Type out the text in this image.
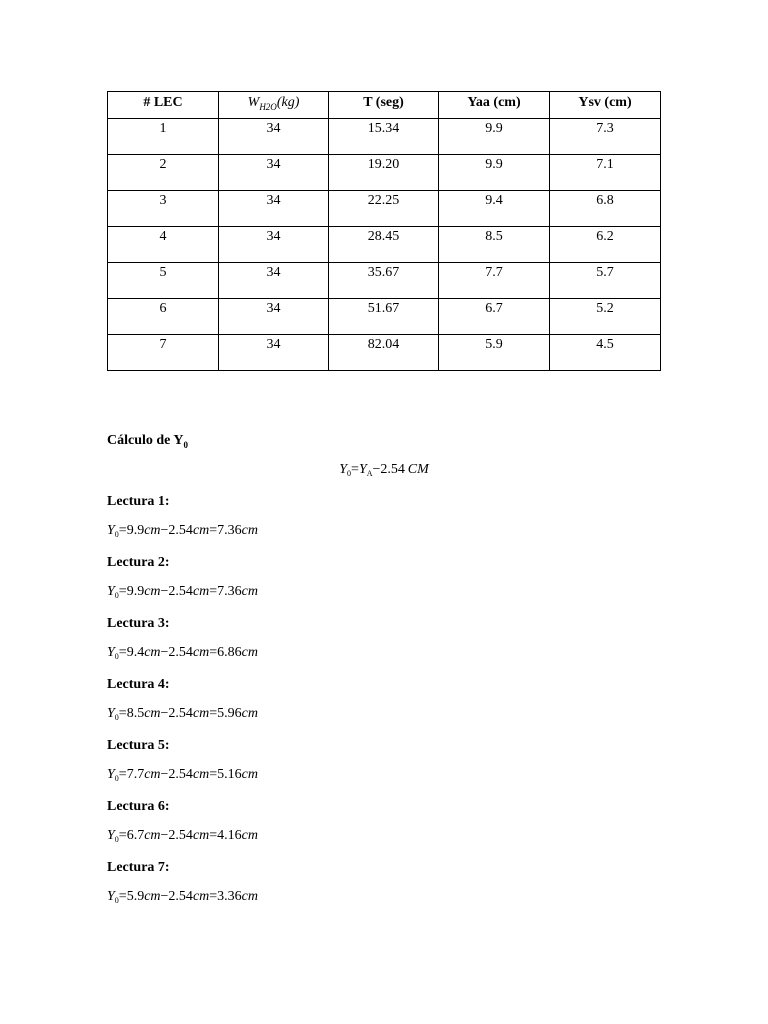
# LEC	$W_{H2O}(kg)$	T (seg)	Yaa (cm)	Ysv (cm)
1	34	15.34	9.9	7.3
2	34	19.20	9.9	7.1
3	34	22.25	9.4	6.8
4	34	28.45	8.5	6.2
5	34	35.67	7.7	5.7
6	34	51.67	6.7	5.2
7	34	82.04	5.9	4.5

Cálculo de $Y_0$

$Y_0=Y_A-2.54$  CM
Lectura 1:
$Y_0=9.9cm-2.54cm=7.36cm$
Lectura 2:
$Y_0=9.9cm-2.54cm=7.36cm$
Lectura 3:
$Y_0=9.4cm-2.54cm=6.86cm$
Lectura 4:
$Y_0=8.5cm-2.54cm=5.96cm$
Lectura 5:
$Y_0=7.7cm-2.54cm=5.16cm$
Lectura 6:
$Y_0=6.7cm-2.54cm=4.16cm$
Lectura 7:
$Y_0=5.9cm-2.54cm=3.36cm$
